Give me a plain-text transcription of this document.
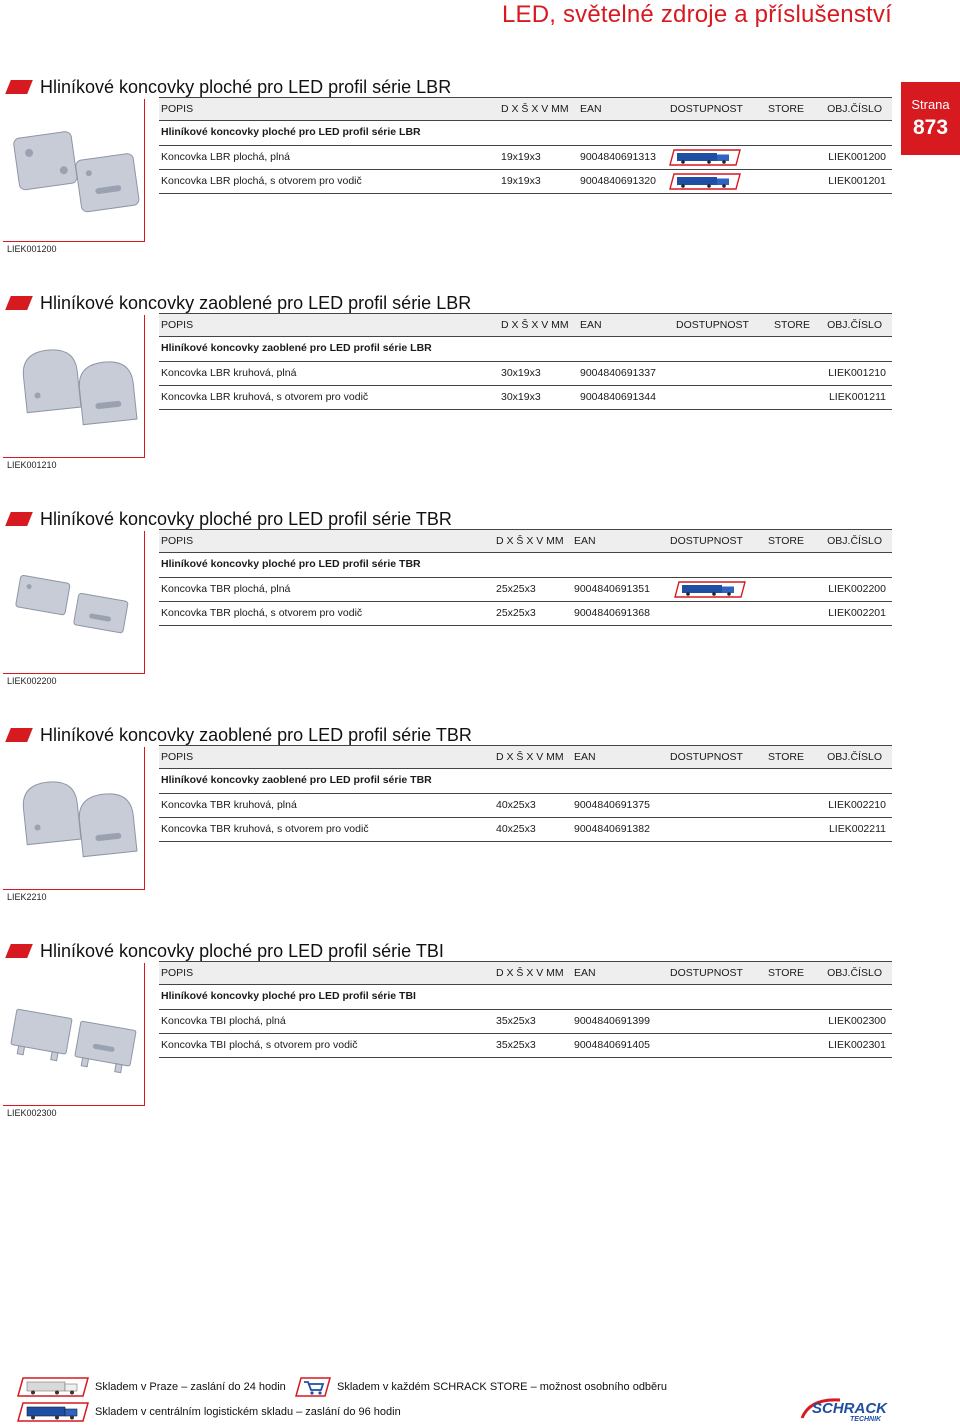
LED, světelné zdroje a příslušenství
Strana
873
Hliníkové koncovky ploché pro LED profil série LBR
LIEK001200
POPIS	D X Š X V MM EAN	DOSTUPNOST STORE OBJ.ČÍSLO
Hliníkové koncovky ploché pro LED profil série LBR
Koncovka LBR plochá, plná	19x19x3	9004840691313	LIEK001200
Koncovka LBR plochá, s otvorem pro vodič	19x19x3	9004840691320	LIEK001201
Hliníkové koncovky zaoblené pro LED profil série LBR
LIEK001210
POPIS	D X Š X V MM EAN	DOSTUPNOST STORE OBJ.ČÍSLO
Hliníkové koncovky zaoblené pro LED profil série LBR
Koncovka LBR kruhová, plná	30x19x3	9004840691337	LIEK001210
Koncovka LBR kruhová, s otvorem pro vodič	30x19x3	9004840691344	LIEK001211
Hliníkové koncovky ploché pro LED profil série TBR
LIEK002200
POPIS	D X Š X V MM EAN	DOSTUPNOST STORE OBJ.ČÍSLO
Hliníkové koncovky ploché pro LED profil série TBR
Koncovka TBR plochá, plná	25x25x3	9004840691351	LIEK002200
Koncovka TBR plochá, s otvorem pro vodič	25x25x3	9004840691368	LIEK002201
Hliníkové koncovky zaoblené pro LED profil série TBR
LIEK2210
POPIS	D X Š X V MM EAN	DOSTUPNOST STORE OBJ.ČÍSLO
Hliníkové koncovky zaoblené pro LED profil série TBR
Koncovka TBR kruhová, plná	40x25x3	9004840691375	LIEK002210
Koncovka TBR kruhová, s otvorem pro vodič	40x25x3	9004840691382	LIEK002211
Hliníkové koncovky ploché pro LED profil série TBI
LIEK002300
POPIS	D X Š X V MM EAN	DOSTUPNOST STORE OBJ.ČÍSLO
Hliníkové koncovky ploché pro LED profil série TBI
Koncovka TBI plochá, plná	35x25x3	9004840691399	LIEK002300
Koncovka TBI plochá, s otvorem pro vodič	35x25x3	9004840691405	LIEK002301
Skladem v Praze – zaslání do 24 hodin	Skladem v každém SCHRACK STORE – možnost osobního odběru
Skladem v centrálním logistickém skladu – zaslání do 96 hodin	SCHRACK
TECHNIK
